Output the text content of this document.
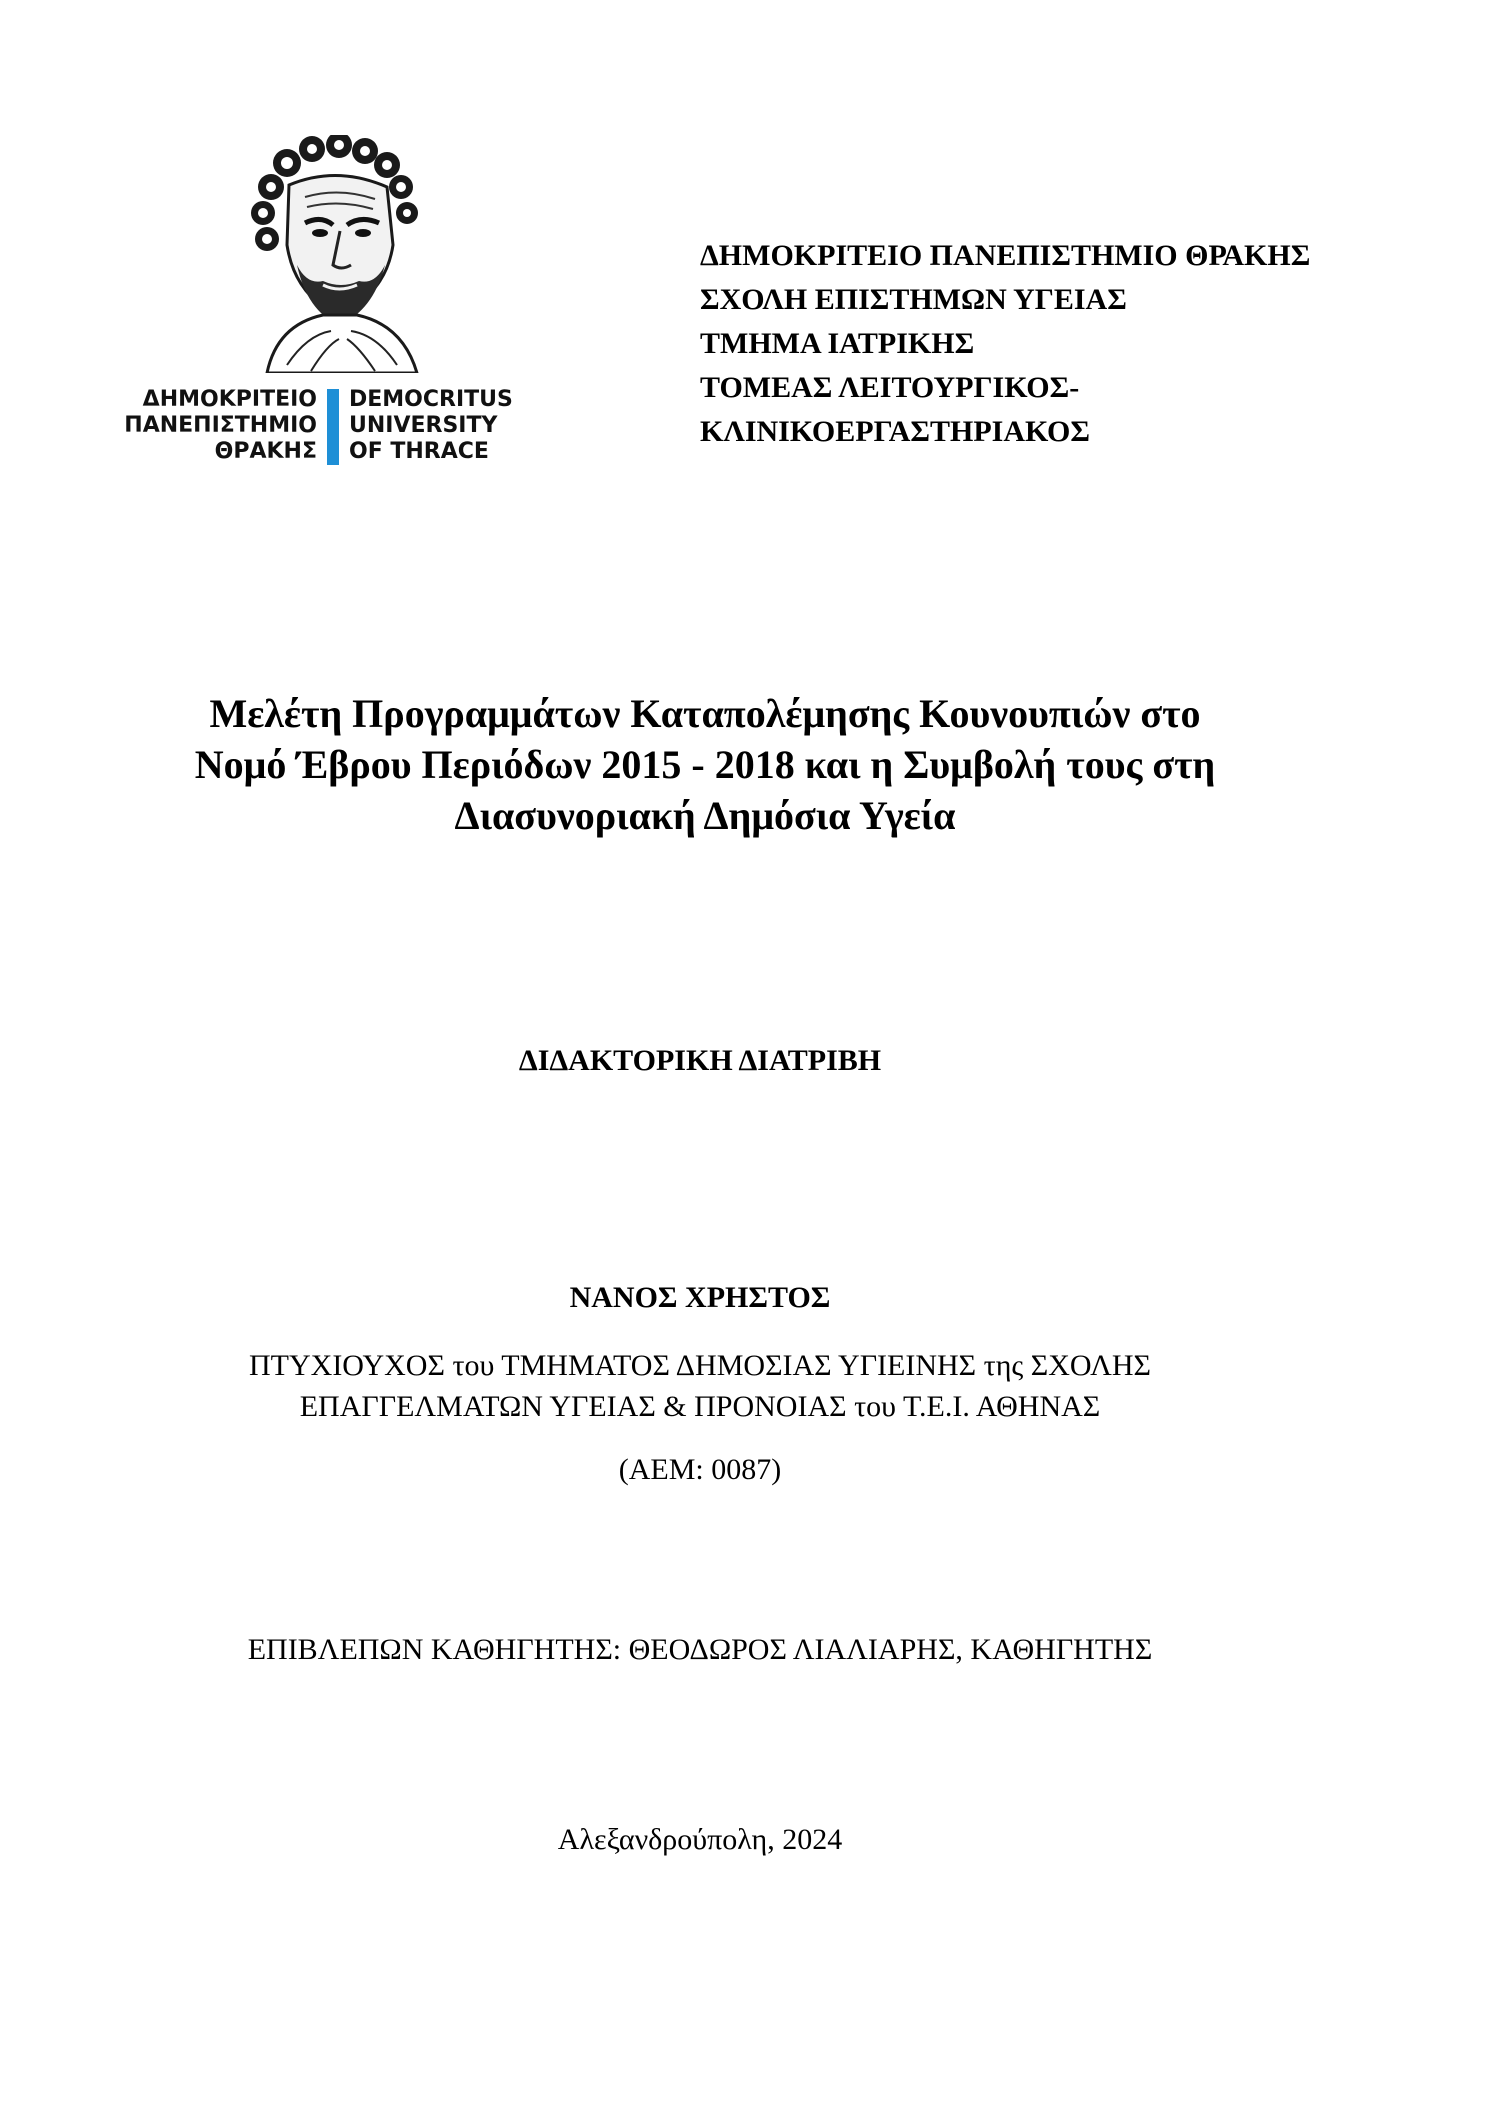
ΔΗΜΟΚΡΙΤΕΙΟ
ΠΑΝΕΠΙΣΤΗΜΙΟ
ΘΡΑΚΗΣ
DEMOCRITUS
UNIVERSITY
OF THRACE
ΔΗΜΟΚΡΙΤΕΙΟ ΠΑΝΕΠΙΣΤΗΜΙΟ ΘΡΑΚΗΣ
ΣΧΟΛΗ ΕΠΙΣΤΗΜΩΝ ΥΓΕΙΑΣ
ΤΜΗΜΑ ΙΑΤΡΙΚΗΣ
ΤΟΜΕΑΣ ΛΕΙΤΟΥΡΓΙΚΟΣ-
ΚΛΙΝΙΚΟΕΡΓΑΣΤΗΡΙΑΚΟΣ
Μελέτη Προγραμμάτων Καταπολέμησης Κουνουπιών στο
Νομό Έβρου Περιόδων 2015 - 2018 και η Συμβολή τους στη
Διασυνοριακή Δημόσια Υγεία
ΔΙΔΑΚΤΟΡΙΚΗ ΔΙΑΤΡΙΒΗ
ΝΑΝΟΣ ΧΡΗΣΤΟΣ
ΠΤΥΧΙΟΥΧΟΣ του ΤΜΗΜΑΤΟΣ ΔΗΜΟΣΙΑΣ ΥΓΙΕΙΝΗΣ της ΣΧΟΛΗΣ
ΕΠΑΓΓΕΛΜΑΤΩΝ ΥΓΕΙΑΣ & ΠΡΟΝΟΙΑΣ του Τ.Ε.Ι. ΑΘΗΝΑΣ
(ΑΕΜ: 0087)
ΕΠΙΒΛΕΠΩΝ ΚΑΘΗΓΗΤΗΣ: ΘΕΟΔΩΡΟΣ ΛΙΑΛΙΑΡΗΣ, ΚΑΘΗΓΗΤΗΣ
Αλεξανδρούπολη, 2024
